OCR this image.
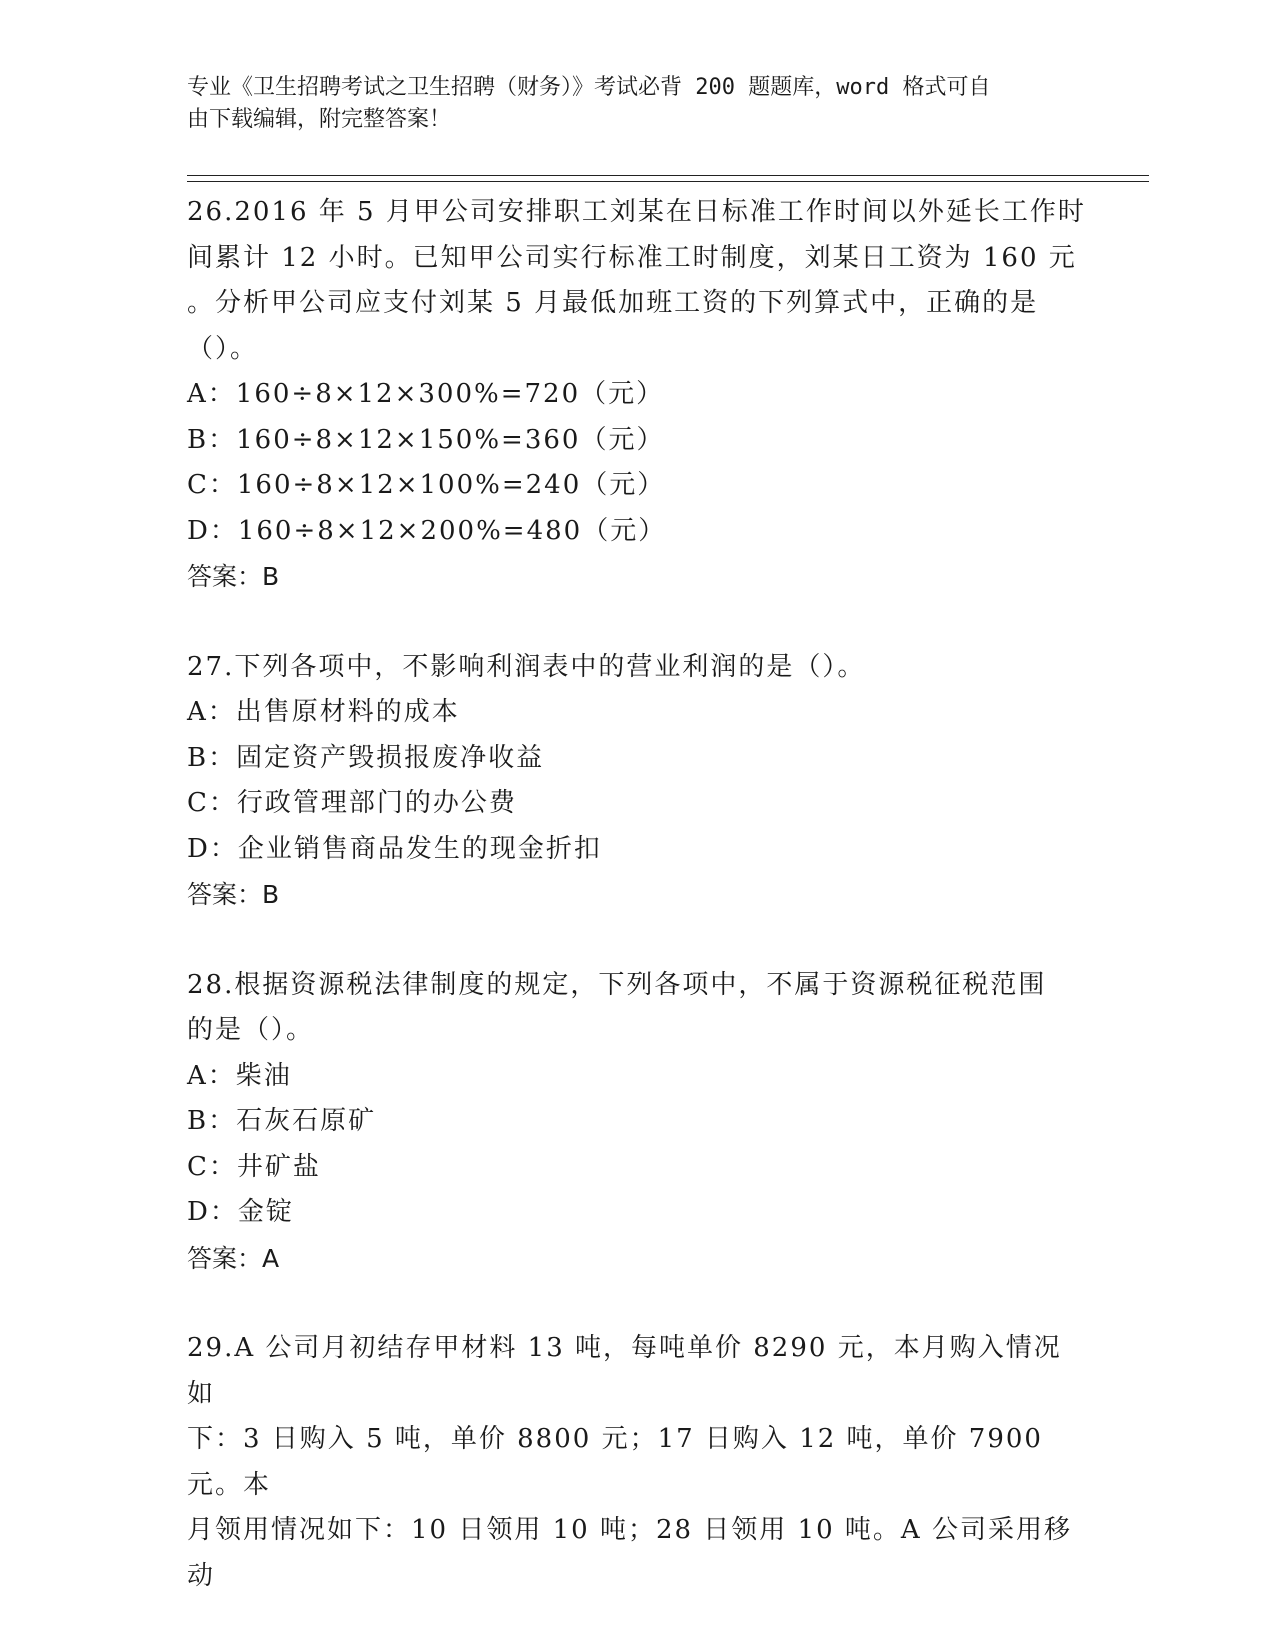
专业《卫生招聘考试之卫生招聘（财务）》考试必背 200 题题库，word 格式可自
由下载编辑，附完整答案！

26.2016 年 5 月甲公司安排职工刘某在日标准工作时间以外延长工作时

间累计 12 小时。已知甲公司实行标准工时制度，刘某日工资为 160 元

。分析甲公司应支付刘某 5 月最低加班工资的下列算式中，正确的是

（）。

A：160÷8×12×300%=720（元）

B：160÷8×12×150%=360（元）

C：160÷8×12×100%=240（元）

D：160÷8×12×200%=480（元）

答案：B

27.下列各项中，不影响利润表中的营业利润的是（）。

A：出售原材料的成本

B：固定资产毁损报废净收益

C：行政管理部门的办公费

D：企业销售商品发生的现金折扣

答案：B

28.根据资源税法律制度的规定，下列各项中，不属于资源税征税范围

的是（）。

A：柴油

B：石灰石原矿

C：井矿盐

D：金锭

答案：A

29.A 公司月初结存甲材料 13 吨，每吨单价 8290 元，本月购入情况如

下：3 日购入 5 吨，单价 8800 元；17 日购入 12 吨，单价 7900 元。本

月领用情况如下：10 日领用 10 吨；28 日领用 10 吨。A 公司采用移动
